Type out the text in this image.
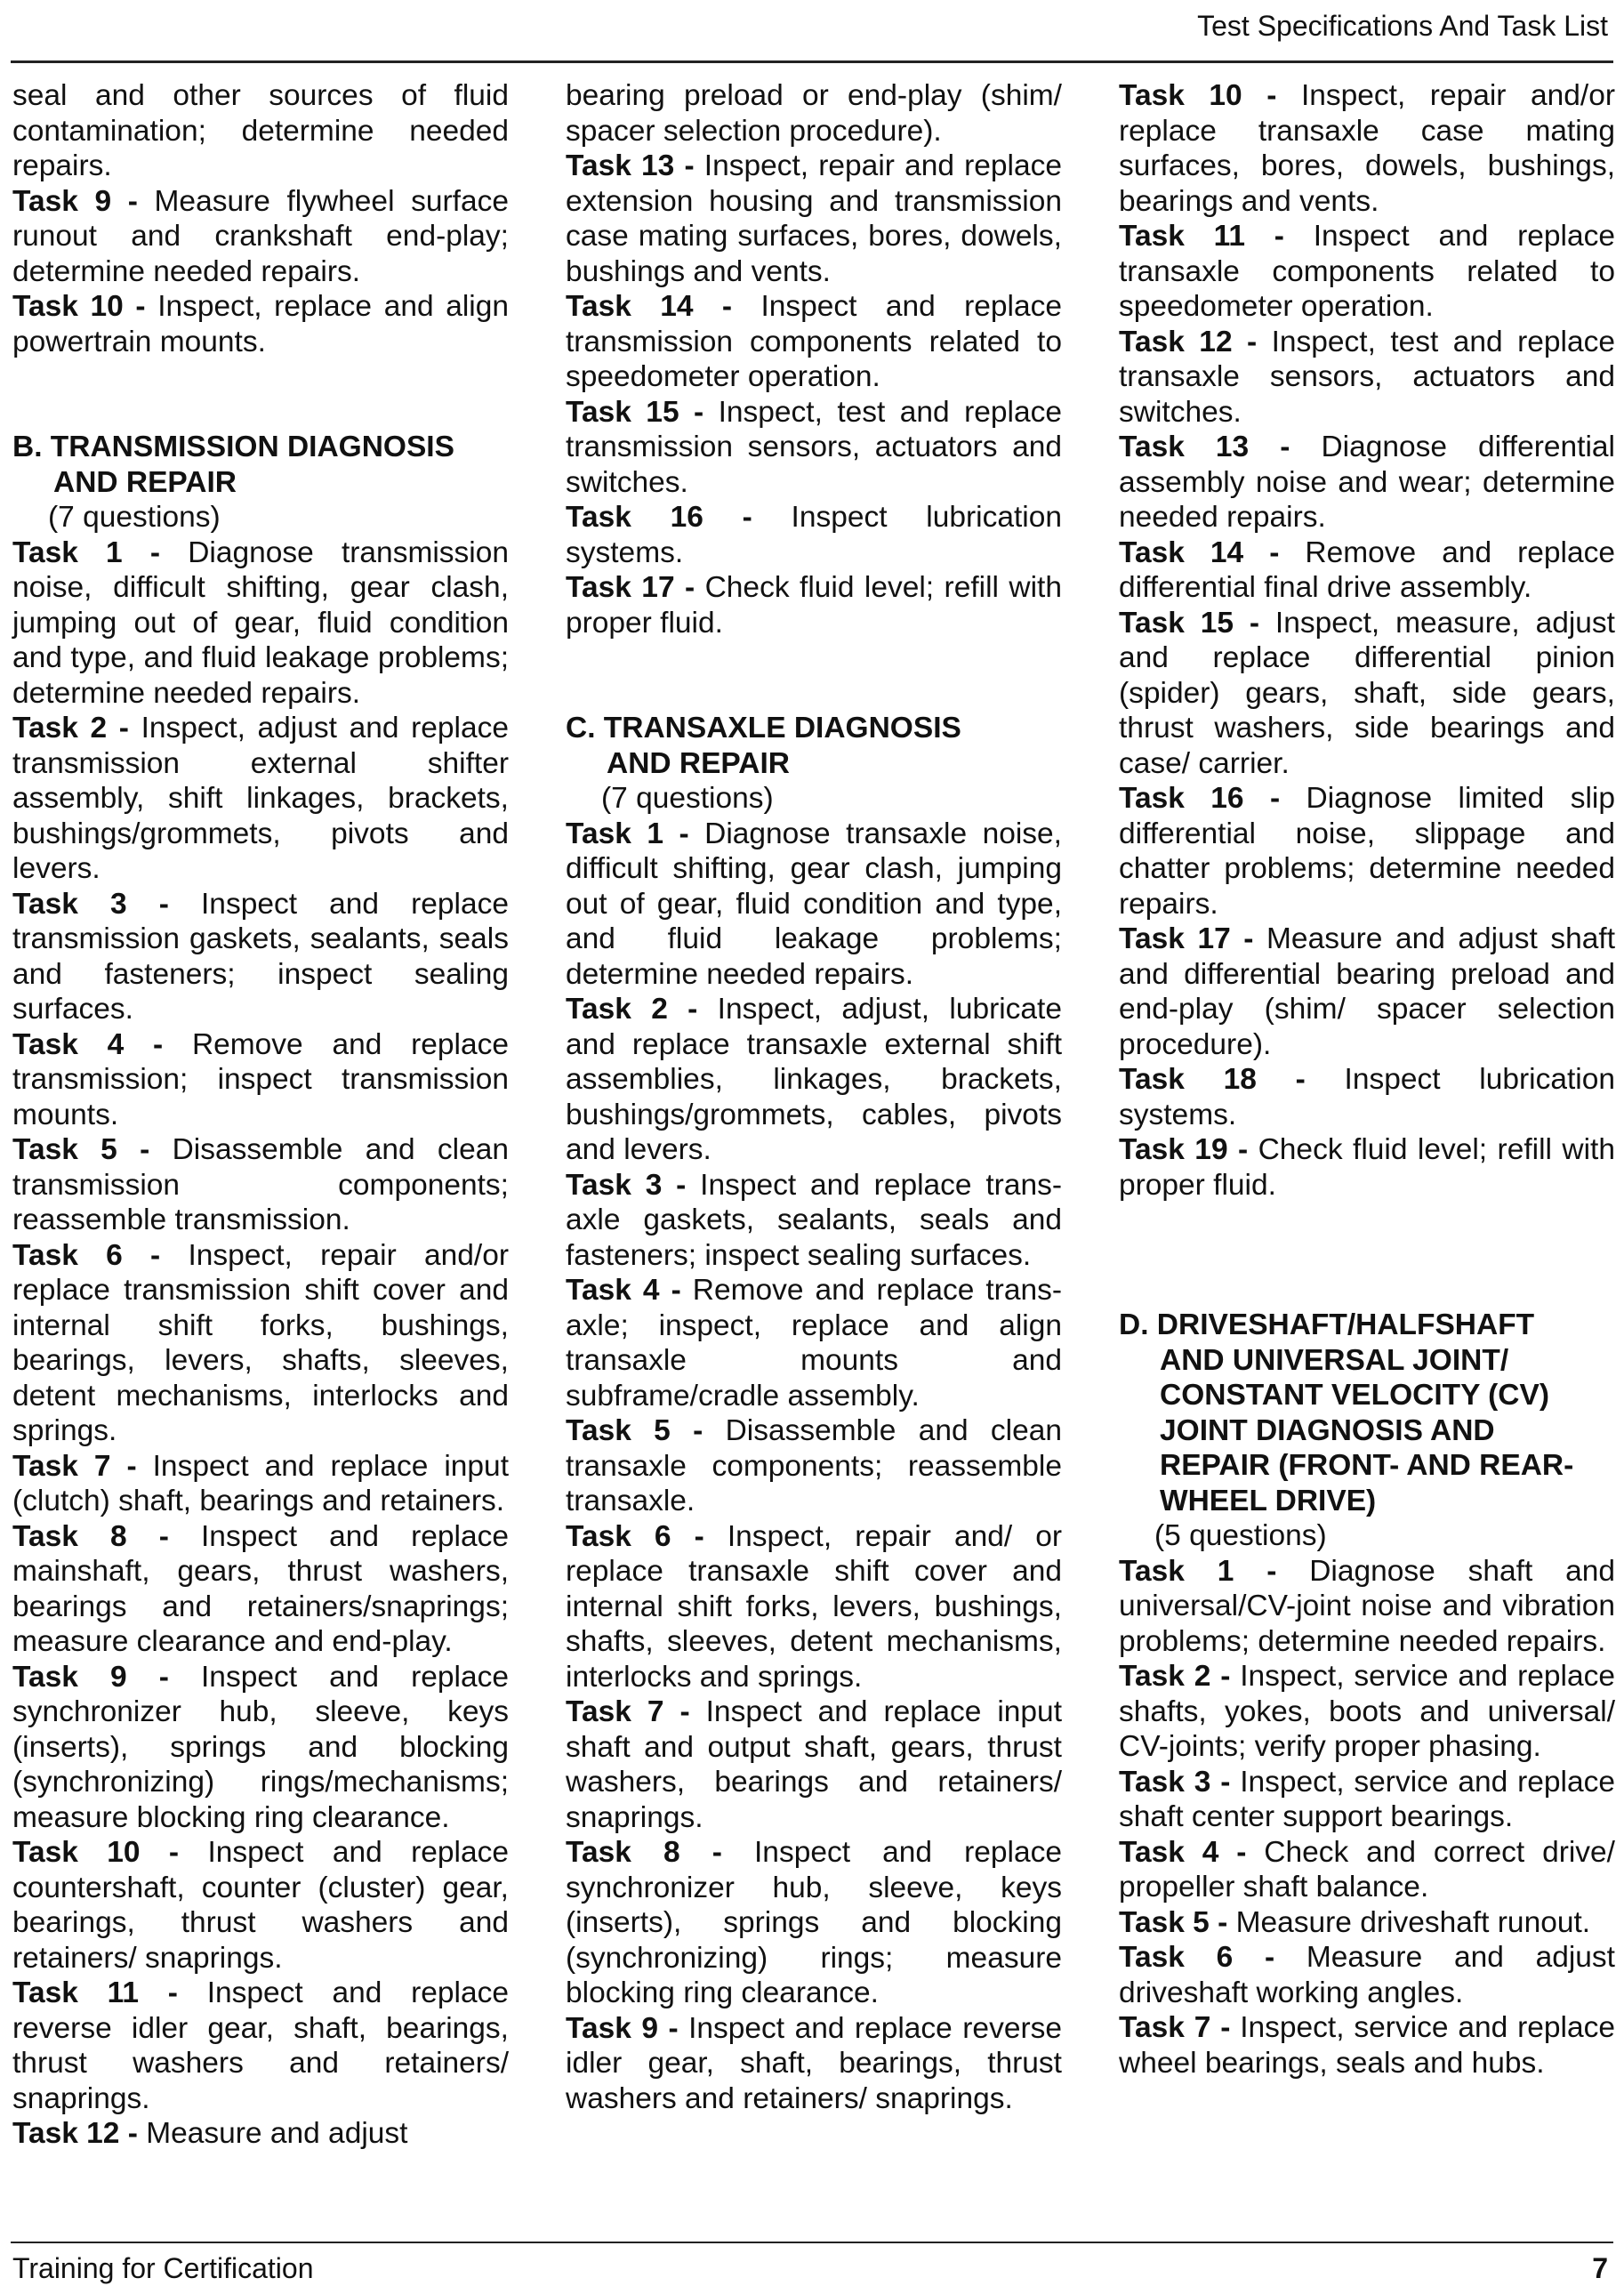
Test Specifications And Task List

seal and other sources of fluid contamination; determine needed repairs.

Task 9 - Measure flywheel surface runout and crankshaft end-play; determine needed repairs.

Task 10 - Inspect, replace and align powertrain mounts.

B. TRANSMISSION DIAGNOSIS
AND REPAIR

(7 questions)

Task 1 - Diagnose transmission noise, difficult shifting, gear clash, jumping out of gear, fluid condition and type, and fluid leakage problems; determine needed repairs.

Task 2 - Inspect, adjust and replace transmission external shifter assembly, shift linkages, brackets, bushings/grommets, pivots and levers.

Task 3 - Inspect and replace transmission gaskets, sealants, seals and fasteners; inspect sealing surfaces.

Task 4 - Remove and replace transmission; inspect transmission mounts.

Task 5 - Disassemble and clean transmission components; reassemble transmission.

Task 6 - Inspect, repair and/or replace transmission shift cover and internal shift forks, bushings, bearings, levers, shafts, sleeves, detent mechanisms, interlocks and springs.

Task 7 - Inspect and replace input (clutch) shaft, bearings and retainers.

Task 8 - Inspect and replace mainshaft, gears, thrust washers, bearings and retainers/snaprings; measure clearance and end-play.

Task 9 - Inspect and replace synchronizer hub, sleeve, keys (inserts), springs and blocking (synchronizing) rings/mechanisms; measure blocking ring clearance.

Task 10 - Inspect and replace countershaft, counter (cluster) gear, bearings, thrust washers and retainers/ snaprings.

Task 11 - Inspect and replace reverse idler gear, shaft, bearings, thrust washers and retainers/ snaprings.

Task 12 - Measure and adjust

bearing preload or end-play (shim/ spacer selection procedure).

Task 13 - Inspect, repair and replace extension housing and transmission case mating surfaces, bores, dowels, bushings and vents.

Task 14 - Inspect and replace transmission components related to speedometer operation.

Task 15 - Inspect, test and replace transmission sensors, actuators and switches.

Task 16 - Inspect lubrication systems.

Task 17 - Check fluid level; refill with proper fluid.

C. TRANSAXLE DIAGNOSIS
AND REPAIR

(7 questions)

Task 1 - Diagnose transaxle noise, difficult shifting, gear clash, jumping out of gear, fluid condition and type, and fluid leakage problems; determine needed repairs.

Task 2 - Inspect, adjust, lubricate and replace transaxle external shift assemblies, linkages, brackets, bushings/grommets, cables, pivots and levers.

Task 3 - Inspect and replace trans-axle gaskets, sealants, seals and fasteners; inspect sealing surfaces.

Task 4 - Remove and replace trans-axle; inspect, replace and align transaxle mounts and subframe/cradle assembly.

Task 5 - Disassemble and clean transaxle components; reassemble transaxle.

Task 6 - Inspect, repair and/ or replace transaxle shift cover and internal shift forks, levers, bushings, shafts, sleeves, detent mechanisms, interlocks and springs.

Task 7 - Inspect and replace input shaft and output shaft, gears, thrust washers, bearings and retainers/ snaprings.

Task 8 - Inspect and replace synchronizer hub, sleeve, keys (inserts), springs and blocking (synchronizing) rings; measure blocking ring clearance.

Task 9 - Inspect and replace reverse idler gear, shaft, bearings, thrust washers and retainers/ snaprings.

Task 10 - Inspect, repair and/or replace transaxle case mating surfaces, bores, dowels, bushings, bearings and vents.

Task 11 - Inspect and replace transaxle components related to speedometer operation.

Task 12 - Inspect, test and replace transaxle sensors, actuators and switches.

Task 13 - Diagnose differential assembly noise and wear; determine needed repairs.

Task 14 - Remove and replace differential final drive assembly.

Task 15 - Inspect, measure, adjust and replace differential pinion (spider) gears, shaft, side gears, thrust washers, side bearings and case/ carrier.

Task 16 - Diagnose limited slip differential noise, slippage and chatter problems; determine needed repairs.

Task 17 - Measure and adjust shaft and differential bearing preload and end-play (shim/ spacer selection procedure).

Task 18 - Inspect lubrication systems.

Task 19 - Check fluid level; refill with proper fluid.

D. DRIVESHAFT/HALFSHAFT
AND UNIVERSAL JOINT/
CONSTANT VELOCITY (CV)
JOINT DIAGNOSIS AND
REPAIR (FRONT- AND REAR-
WHEEL DRIVE)

(5 questions)

Task 1 - Diagnose shaft and universal/CV-joint noise and vibration problems; determine needed repairs.

Task 2 - Inspect, service and replace shafts, yokes, boots and universal/ CV-joints; verify proper phasing.

Task 3 - Inspect, service and replace shaft center support bearings.

Task 4 - Check and correct drive/ propeller shaft balance.

Task 5 - Measure driveshaft runout.

Task 6 - Measure and adjust driveshaft working angles.

Task 7 - Inspect, service and replace wheel bearings, seals and hubs.

Training for Certification	7
